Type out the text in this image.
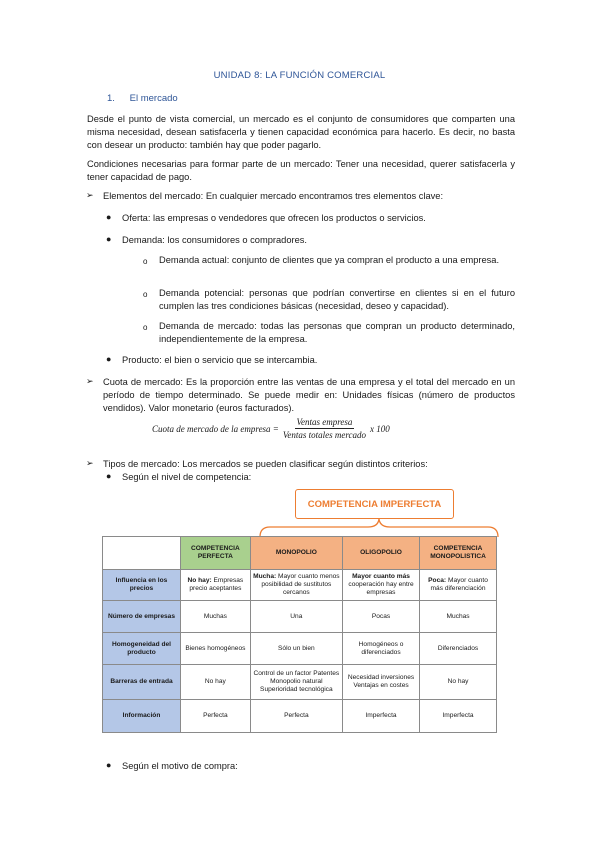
UNIDAD 8: LA FUNCIÓN COMERCIAL
1. El mercado

Desde el punto de vista comercial, un mercado es el conjunto de consumidores que comparten una misma necesidad, desean satisfacerla y tienen capacidad económica para hacerlo. Es decir, no basta con desear un producto: también hay que poder pagarlo.

Condiciones necesarias para formar parte de un mercado: Tener una necesidad, querer satisfacerla y tener capacidad de pago.

➢ Elementos del mercado: En cualquier mercado encontramos tres elementos clave:
● Oferta: las empresas o vendedores que ofrecen los productos o servicios.
● Demanda: los consumidores o compradores.
o Demanda actual: conjunto de clientes que ya compran el producto a una empresa.
o Demanda potencial: personas que podrían convertirse en clientes si en el futuro cumplen las tres condiciones básicas (necesidad, deseo y capacidad).
o Demanda de mercado: todas las personas que compran un producto determinado, independientemente de la empresa.
● Producto: el bien o servicio que se intercambia.
➢ Cuota de mercado: Es la proporción entre las ventas de una empresa y el total del mercado en un período de tiempo determinado. Se puede medir en: Unidades físicas (número de productos vendidos). Valor monetario (euros facturados).
Cuota de mercado de la empresa = $\frac{\text{Ventas empresa}}{\text{Ventas totales mercado}}$ x 100
➢ Tipos de mercado: Los mercados se pueden clasificar según distintos criterios:
● Según el nivel de competencia:
COMPETENCIA IMPERFECTA
	COMPETENCIA PERFECTA	MONOPOLIO	OLIGOPOLIO	COMPETENCIA MONOPOLISTICA
Influencia en los precios	No hay: Empresas precio aceptantes	Mucha: Mayor cuanto menos posibilidad de sustitutos cercanos	Mayor cuanto más cooperación hay entre empresas	Poca: Mayor cuanto más diferenciación
Número de empresas	Muchas	Una	Pocas	Muchas
Homogeneidad del producto	Bienes homogéneos	Sólo un bien	Homogéneos o diferenciados	Diferenciados
Barreras de entrada	No hay	Control de un factor Patentes Monopolio natural Superioridad tecnológica	Necesidad inversiones Ventajas en costes	No hay
Información	Perfecta	Perfecta	Imperfecta	Imperfecta
● Según el motivo de compra:
